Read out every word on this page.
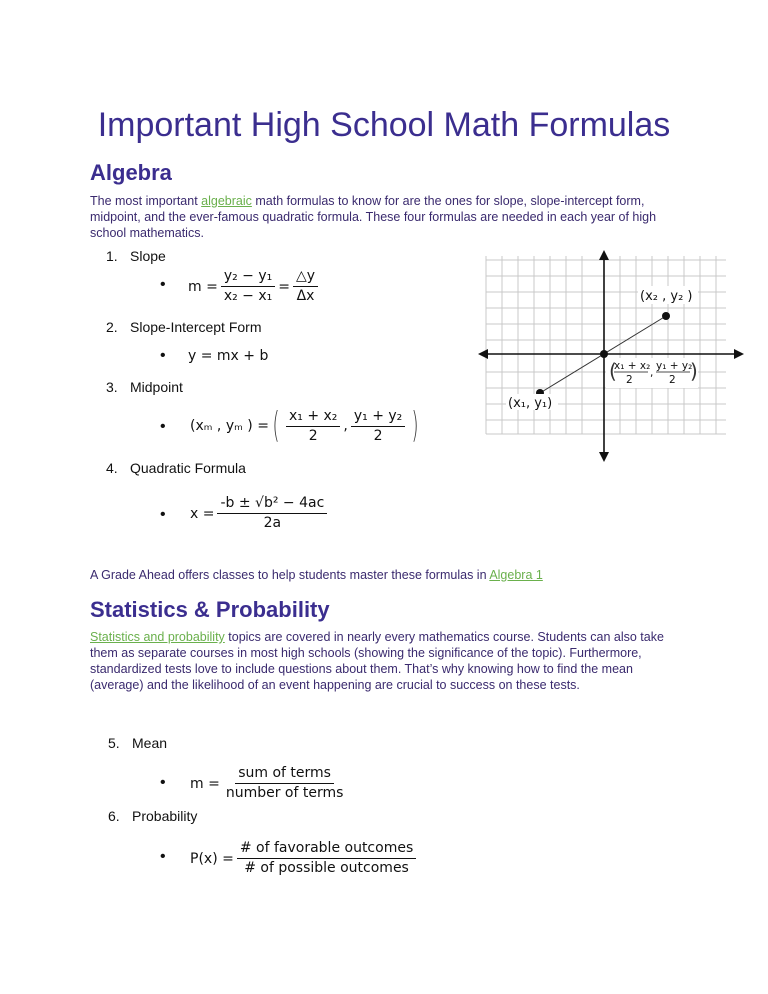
Important High School Math Formulas
Algebra

The most important algebraic math formulas to know for are the ones for slope, slope-intercept form, midpoint, and the ever-famous quadratic formula. These four formulas are needed in each year of high school mathematics.

1. Slope
• $m = \frac{\text{y₂ − y₁}}{\text{x₂ − x₁}} = \frac{\triangle y}{\Delta x}$
2. Slope-Intercept Form
• y = mx + b
3. Midpoint
• (xₘ , yₘ ) = ( $\frac{\text{x₁ + x₂}}{2}$ , $\frac{\text{y₁ + y₂}}{2}$ )
4. Quadratic Formula
• $x = \frac{\text{-b ± √b² − 4ac}}{2a}$
(x₁, y₁)
(x₂ , y₂ )
(
x₁ + x₂
2
,
y₁ + y₂
2 )

A Grade Ahead offers classes to help students master these formulas in Algebra 1

Statistics & Probability

Statistics and probability topics are covered in nearly every mathematics course. Students can also take them as separate courses in most high schools (showing the significance of the topic). Furthermore, standardized tests love to include questions about them. That’s why knowing how to find the mean (average) and the likelihood of an event happening are crucial to success on these tests.

5. Mean
• $m = \frac{\text{sum of terms}}{\text{number of terms}}$
6. Probability
• $P(x) = \frac{\text{\# of favorable outcomes}}{\text{\# of possible outcomes}}$
